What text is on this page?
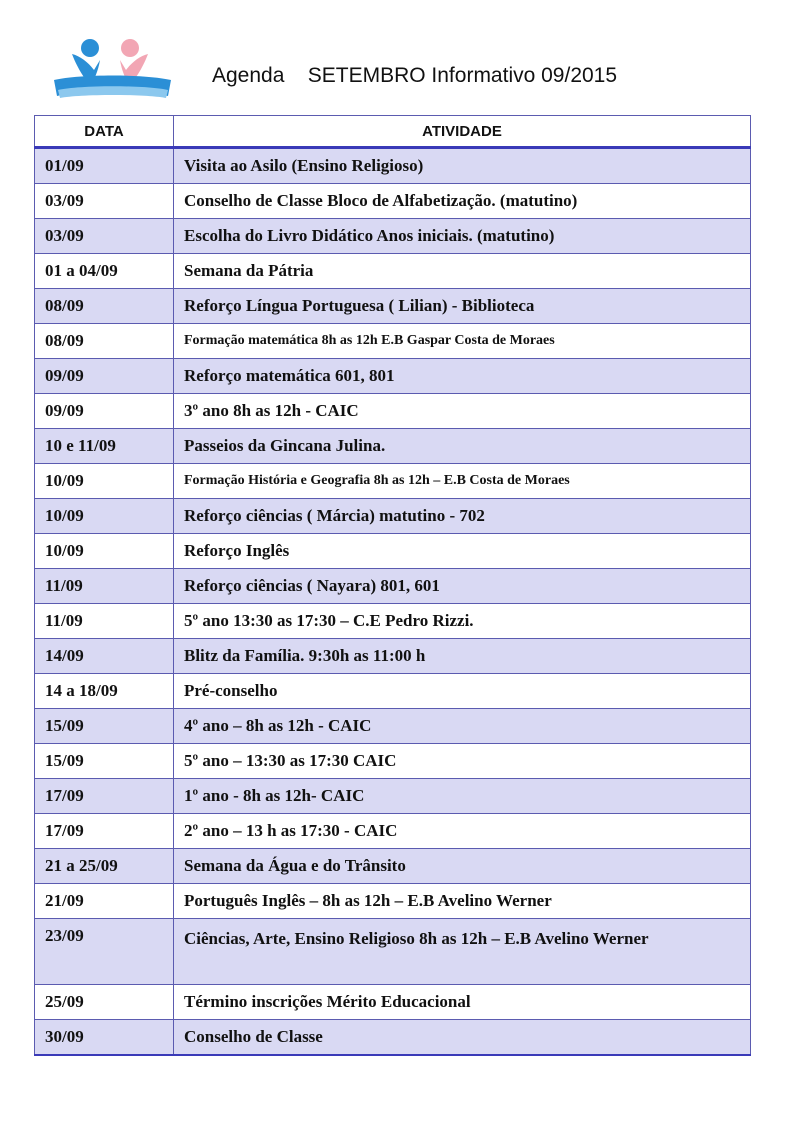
Agenda    SETEMBRO Informativo 09/2015
DATA	ATIVIDADE
01/09	Visita ao Asilo (Ensino Religioso)
03/09	Conselho de Classe Bloco de Alfabetização. (matutino)
03/09	Escolha do Livro Didático Anos iniciais. (matutino)
01 a 04/09	Semana da Pátria
08/09	Reforço Língua Portuguesa ( Lilian) - Biblioteca
08/09	Formação matemática 8h as 12h E.B Gaspar Costa de Moraes
09/09	Reforço matemática 601, 801
09/09	3º ano 8h as 12h - CAIC
10 e 11/09	Passeios da Gincana Julina.
10/09	Formação História e Geografia 8h as 12h – E.B Costa de Moraes
10/09	Reforço ciências ( Márcia) matutino - 702
10/09	Reforço Inglês
11/09	Reforço ciências ( Nayara) 801, 601
11/09	5º ano 13:30 as 17:30 – C.E Pedro Rizzi.
14/09	Blitz da Família. 9:30h as 11:00 h
14 a 18/09	Pré-conselho
15/09	4º ano – 8h as 12h - CAIC
15/09	5º ano – 13:30 as 17:30 CAIC
17/09	1º ano - 8h as 12h- CAIC
17/09	2º ano – 13 h as 17:30 - CAIC
21 a 25/09	Semana da Água e do Trânsito
21/09	Português Inglês – 8h as 12h – E.B Avelino Werner
23/09	Ciências, Arte, Ensino Religioso 8h as 12h – E.B Avelino Werner
25/09	Término inscrições Mérito Educacional
30/09	Conselho de Classe
